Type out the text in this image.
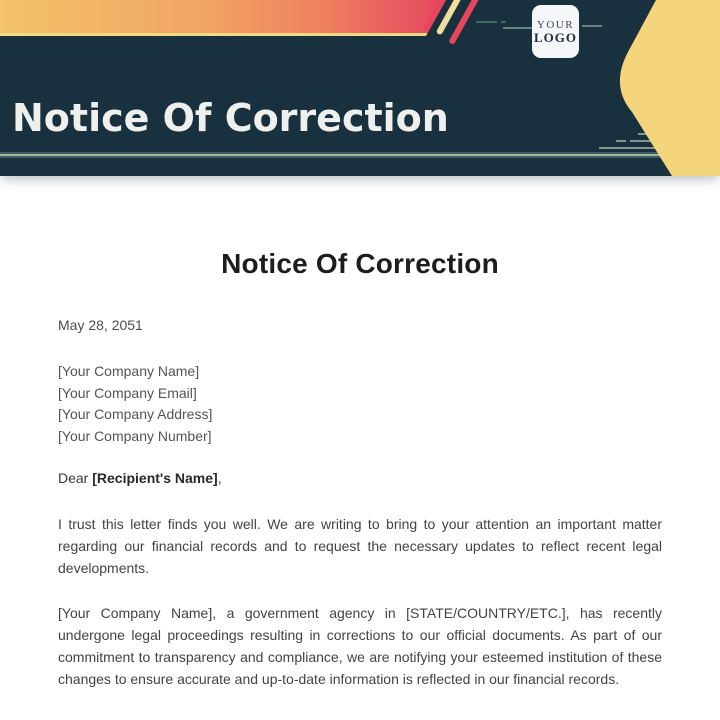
YOUR
LOGO
Notice Of Correction
Notice Of Correction
May 28, 2051
[Your Company Name]
[Your Company Email]
[Your Company Address]
[Your Company Number]
Dear [Recipient's Name],

I trust this letter finds you well. We are writing to bring to your attention an important matter regarding our financial records and to request the necessary updates to reflect recent legal developments.

[Your Company Name], a government agency in [STATE/COUNTRY/ETC.], has recently undergone legal proceedings resulting in corrections to our official documents. As part of our commitment to transparency and compliance, we are notifying your esteemed institution of these changes to ensure accurate and up-to-date information is reflected in our financial records.
